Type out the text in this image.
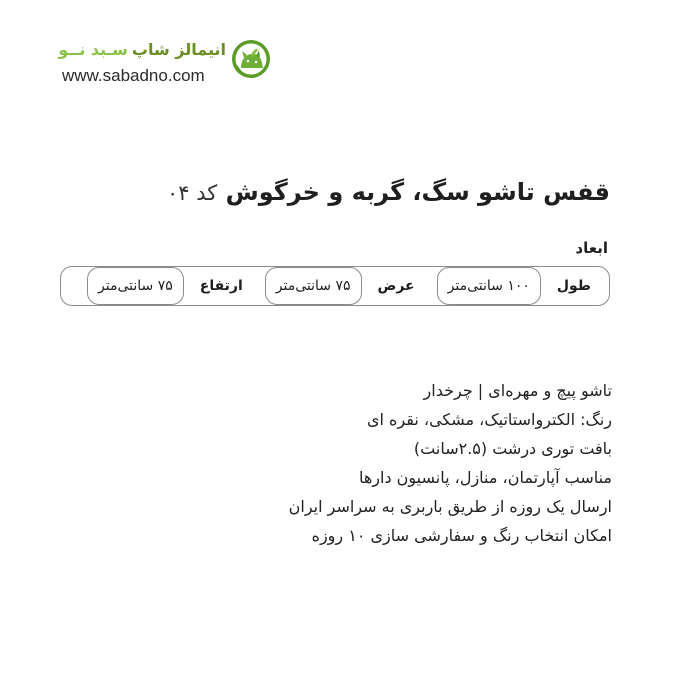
انیمالز شاپسـبد نــو
www.sabadno.com
قفس تاشو سگ، گربه و خرگوش کد ۰۴
ابعاد
طول
۱۰۰ سانتی‌متر
عرض
۷۵ سانتی‌متر
ارتفاع
۷۵ سانتی‌متر
تاشو پیچ و مهره‌ای | چرخدار
رنگ: الکترواستاتیک، مشکی، نقره ای
بافت توری درشت (۲.۵سانت)
مناسب آپارتمان، منازل، پانسیون دارها
ارسال یک روزه از طریق باربری به سراسر ایران
امکان انتخاب رنگ و سفارشی سازی ۱۰ روزه
